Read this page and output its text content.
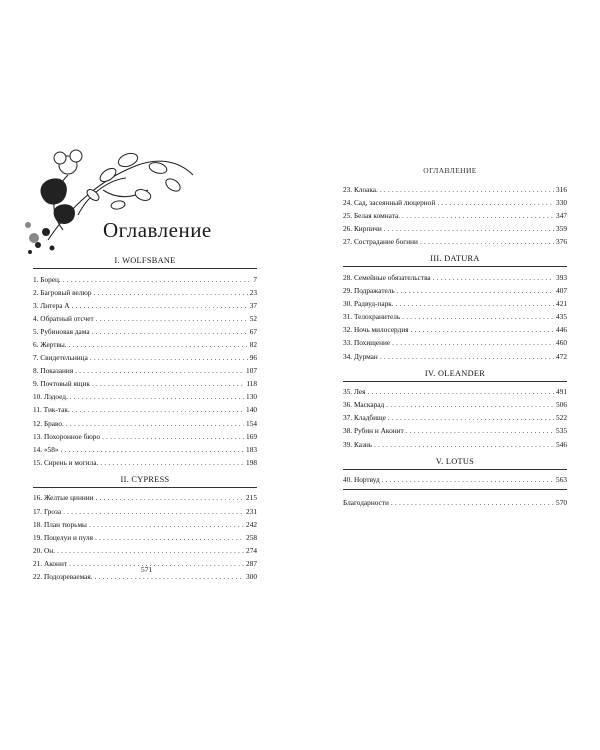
Оглавление
I. WOLFSBANE
1. Борец. .....	7
2. Багровый велюр .....	23
3. Литера А .....	37
4. Обратный отсчет .....	52
5. Рубиновая дама .....	67
6. Жертвы. .....	82
7. Свидетельница .....	96
8. Показания .....	107
9. Почтовый ящик .....	118
10. Лэдоед. .....	130
11. Тик-так. .....	140
12. Браво. .....	154
13. Похоронное бюро .....	169
14. «58» .....	183
15. Сирень и могила. .....	198
II. CYPRESS
16. Желтые циннии .....	215
17. Гроза .....	231
18. План тюрьмы .....	242
19. Поцелуи и пуля .....	258
20. Он. .....	274
21. Аконит .....	287
22. Подозреваемая. .....	300
571
ОГЛАВЛЕНИЕ
23. Клоака. .....	316
24. Сад, засеянный люцерной .....	330
25. Белая комната. .....	347
26. Кирпичи .....	359
27. Сострадание богини .....	376
III. DATURA
28. Семейные обязательства .....	393
29. Подражатель .....	407
30. Радвуд-парк. .....	421
31. Телохранитель .....	435
32. Ночь милосердия .....	446
33. Похищение .....	460
34. Дурман .....	472
IV. OLEANDER
35. Лея .....	491
36. Маскарад .....	506
37. Кладбище .....	522
38. Рубин и Аконит .....	535
39. Казнь .....	546
V. LOTUS
40. Нортвуд .....	563
Благодарности .....	570
